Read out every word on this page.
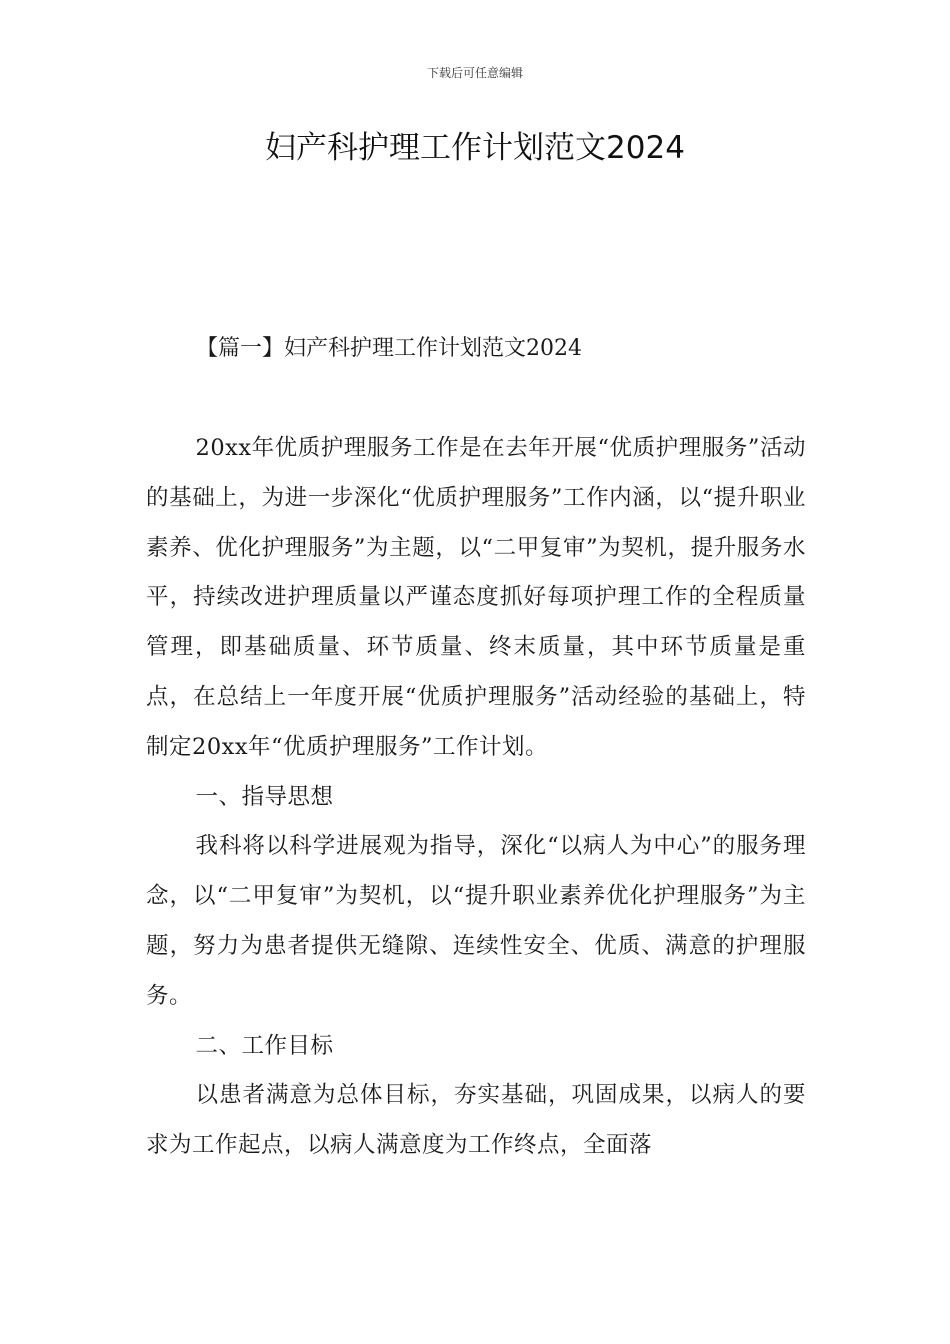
下载后可任意编辑
妇产科护理工作计划范文2024
【篇一】妇产科护理工作计划范文2024

20xx年优质护理服务工作是在去年开展“优质护理服务”活动的基础上，为进一步深化“优质护理服务”工作内涵，以“提升职业素养、优化护理服务”为主题，以“二甲复审”为契机，提升服务水平，持续改进护理质量以严谨态度抓好每项护理工作的全程质量管理，即基础质量、环节质量、终末质量，其中环节质量是重点，在总结上一年度开展“优质护理服务”活动经验的基础上，特制定20xx年“优质护理服务”工作计划。

一、指导思想

我科将以科学进展观为指导，深化“以病人为中心”的服务理念，以“二甲复审”为契机，以“提升职业素养优化护理服务”为主题，努力为患者提供无缝隙、连续性安全、优质、满意的护理服务。

二、工作目标

以患者满意为总体目标，夯实基础，巩固成果，以病人的要求为工作起点，以病人满意度为工作终点，全面落
